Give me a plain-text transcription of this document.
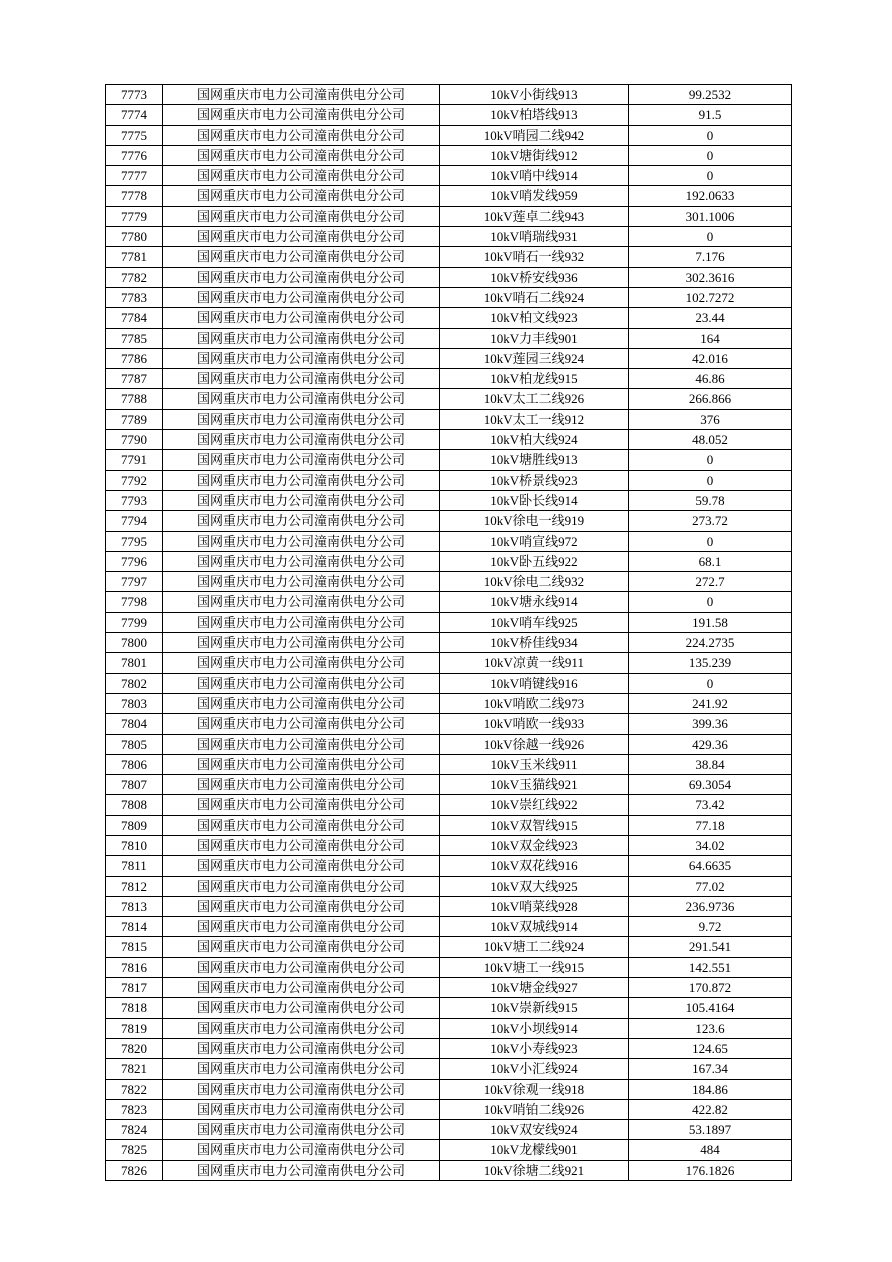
7773	国网重庆市电力公司潼南供电分公司	10kV小街线913	99.2532
7774	国网重庆市电力公司潼南供电分公司	10kV柏塔线913	91.5
7775	国网重庆市电力公司潼南供电分公司	10kV哨园二线942	0
7776	国网重庆市电力公司潼南供电分公司	10kV塘街线912	0
7777	国网重庆市电力公司潼南供电分公司	10kV哨中线914	0
7778	国网重庆市电力公司潼南供电分公司	10kV哨发线959	192.0633
7779	国网重庆市电力公司潼南供电分公司	10kV莲卓二线943	301.1006
7780	国网重庆市电力公司潼南供电分公司	10kV哨瑞线931	0
7781	国网重庆市电力公司潼南供电分公司	10kV哨石一线932	7.176
7782	国网重庆市电力公司潼南供电分公司	10kV桥安线936	302.3616
7783	国网重庆市电力公司潼南供电分公司	10kV哨石二线924	102.7272
7784	国网重庆市电力公司潼南供电分公司	10kV柏文线923	23.44
7785	国网重庆市电力公司潼南供电分公司	10kV力丰线901	164
7786	国网重庆市电力公司潼南供电分公司	10kV莲园三线924	42.016
7787	国网重庆市电力公司潼南供电分公司	10kV柏龙线915	46.86
7788	国网重庆市电力公司潼南供电分公司	10kV太工二线926	266.866
7789	国网重庆市电力公司潼南供电分公司	10kV太工一线912	376
7790	国网重庆市电力公司潼南供电分公司	10kV柏大线924	48.052
7791	国网重庆市电力公司潼南供电分公司	10kV塘胜线913	0
7792	国网重庆市电力公司潼南供电分公司	10kV桥景线923	0
7793	国网重庆市电力公司潼南供电分公司	10kV卧长线914	59.78
7794	国网重庆市电力公司潼南供电分公司	10kV徐电一线919	273.72
7795	国网重庆市电力公司潼南供电分公司	10kV哨宣线972	0
7796	国网重庆市电力公司潼南供电分公司	10kV卧五线922	68.1
7797	国网重庆市电力公司潼南供电分公司	10kV徐电二线932	272.7
7798	国网重庆市电力公司潼南供电分公司	10kV塘永线914	0
7799	国网重庆市电力公司潼南供电分公司	10kV哨车线925	191.58
7800	国网重庆市电力公司潼南供电分公司	10kV桥佳线934	224.2735
7801	国网重庆市电力公司潼南供电分公司	10kV凉黄一线911	135.239
7802	国网重庆市电力公司潼南供电分公司	10kV哨键线916	0
7803	国网重庆市电力公司潼南供电分公司	10kV哨欧二线973	241.92
7804	国网重庆市电力公司潼南供电分公司	10kV哨欧一线933	399.36
7805	国网重庆市电力公司潼南供电分公司	10kV徐越一线926	429.36
7806	国网重庆市电力公司潼南供电分公司	10kV玉米线911	38.84
7807	国网重庆市电力公司潼南供电分公司	10kV玉猫线921	69.3054
7808	国网重庆市电力公司潼南供电分公司	10kV崇红线922	73.42
7809	国网重庆市电力公司潼南供电分公司	10kV双智线915	77.18
7810	国网重庆市电力公司潼南供电分公司	10kV双金线923	34.02
7811	国网重庆市电力公司潼南供电分公司	10kV双花线916	64.6635
7812	国网重庆市电力公司潼南供电分公司	10kV双大线925	77.02
7813	国网重庆市电力公司潼南供电分公司	10kV哨菜线928	236.9736
7814	国网重庆市电力公司潼南供电分公司	10kV双城线914	9.72
7815	国网重庆市电力公司潼南供电分公司	10kV塘工二线924	291.541
7816	国网重庆市电力公司潼南供电分公司	10kV塘工一线915	142.551
7817	国网重庆市电力公司潼南供电分公司	10kV塘金线927	170.872
7818	国网重庆市电力公司潼南供电分公司	10kV崇新线915	105.4164
7819	国网重庆市电力公司潼南供电分公司	10kV小坝线914	123.6
7820	国网重庆市电力公司潼南供电分公司	10kV小寿线923	124.65
7821	国网重庆市电力公司潼南供电分公司	10kV小汇线924	167.34
7822	国网重庆市电力公司潼南供电分公司	10kV徐观一线918	184.86
7823	国网重庆市电力公司潼南供电分公司	10kV哨铂二线926	422.82
7824	国网重庆市电力公司潼南供电分公司	10kV双安线924	53.1897
7825	国网重庆市电力公司潼南供电分公司	10kV龙檬线901	484
7826	国网重庆市电力公司潼南供电分公司	10kV徐塘二线921	176.1826
